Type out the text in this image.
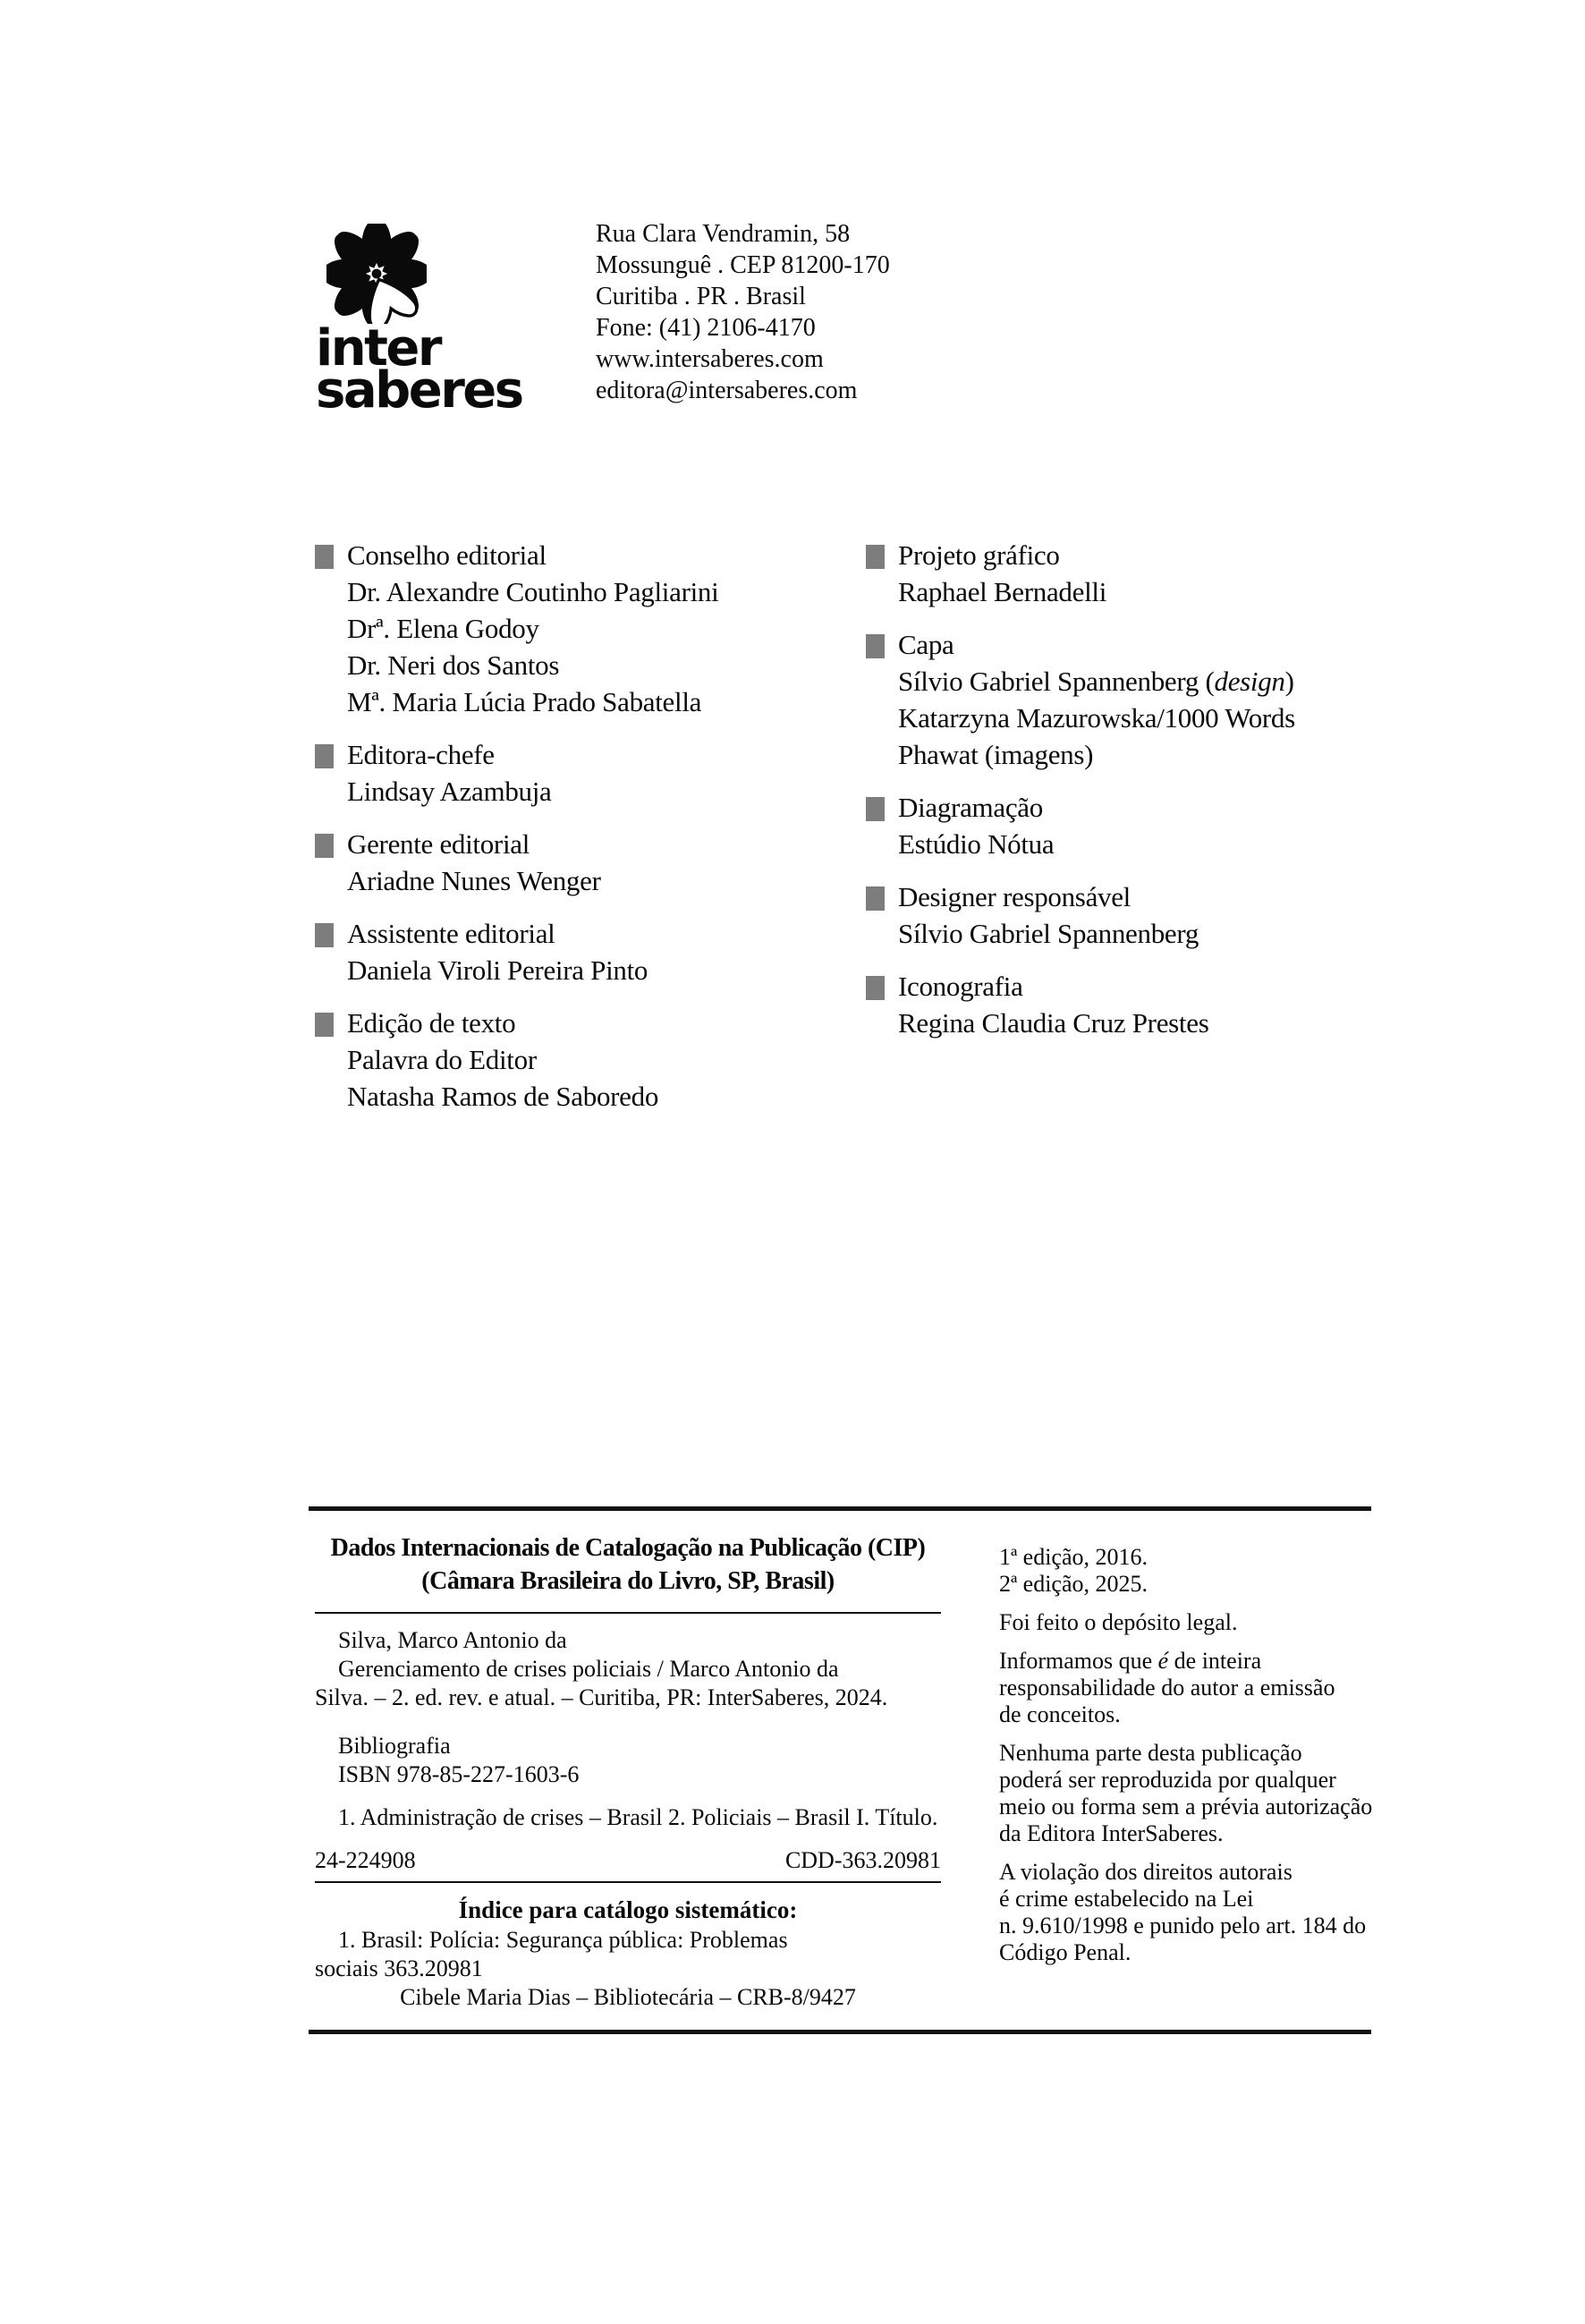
inter
saberes
Rua Clara Vendramin, 58
Mossunguê . CEP 81200-170
Curitiba . PR . Brasil
Fone: (41) 2106-4170
www.intersaberes.com
editora@intersaberes.com
Conselho editorial
Dr. Alexandre Coutinho Pagliarini
Drª. Elena Godoy
Dr. Neri dos Santos
Mª. Maria Lúcia Prado Sabatella
Editora-chefe
Lindsay Azambuja
Gerente editorial
Ariadne Nunes Wenger
Assistente editorial
Daniela Viroli Pereira Pinto
Edição de texto
Palavra do Editor
Natasha Ramos de Saboredo
Projeto gráfico
Raphael Bernadelli
Capa
Sílvio Gabriel Spannenberg (design)
Katarzyna Mazurowska/1000 Words
Phawat (imagens)
Diagramação
Estúdio Nótua
Designer responsável
Sílvio Gabriel Spannenberg
Iconografia
Regina Claudia Cruz Prestes
Dados Internacionais de Catalogação na Publicação (CIP)
(Câmara Brasileira do Livro, SP, Brasil)
Silva, Marco Antonio da
Gerenciamento de crises policiais / Marco Antonio da
Silva. – 2. ed. rev. e atual. – Curitiba, PR: InterSaberes, 2024.
Bibliografia
ISBN 978-85-227-1603-6
1. Administração de crises – Brasil 2. Policiais – Brasil I. Título.
24-224908	CDD-363.20981
Índice para catálogo sistemático:
1. Brasil: Polícia: Segurança pública: Problemas
sociais 363.20981
Cibele Maria Dias – Bibliotecária – CRB-8/9427

1ª edição, 2016.
2ª edição, 2025.

Foi feito o depósito legal.

Informamos que é de inteira
responsabilidade do autor a emissão
de conceitos.

Nenhuma parte desta publicação
poderá ser reproduzida por qualquer
meio ou forma sem a prévia autorização
da Editora InterSaberes.

A violação dos direitos autorais
é crime estabelecido na Lei
n. 9.610/1998 e punido pelo art. 184 do
Código Penal.
